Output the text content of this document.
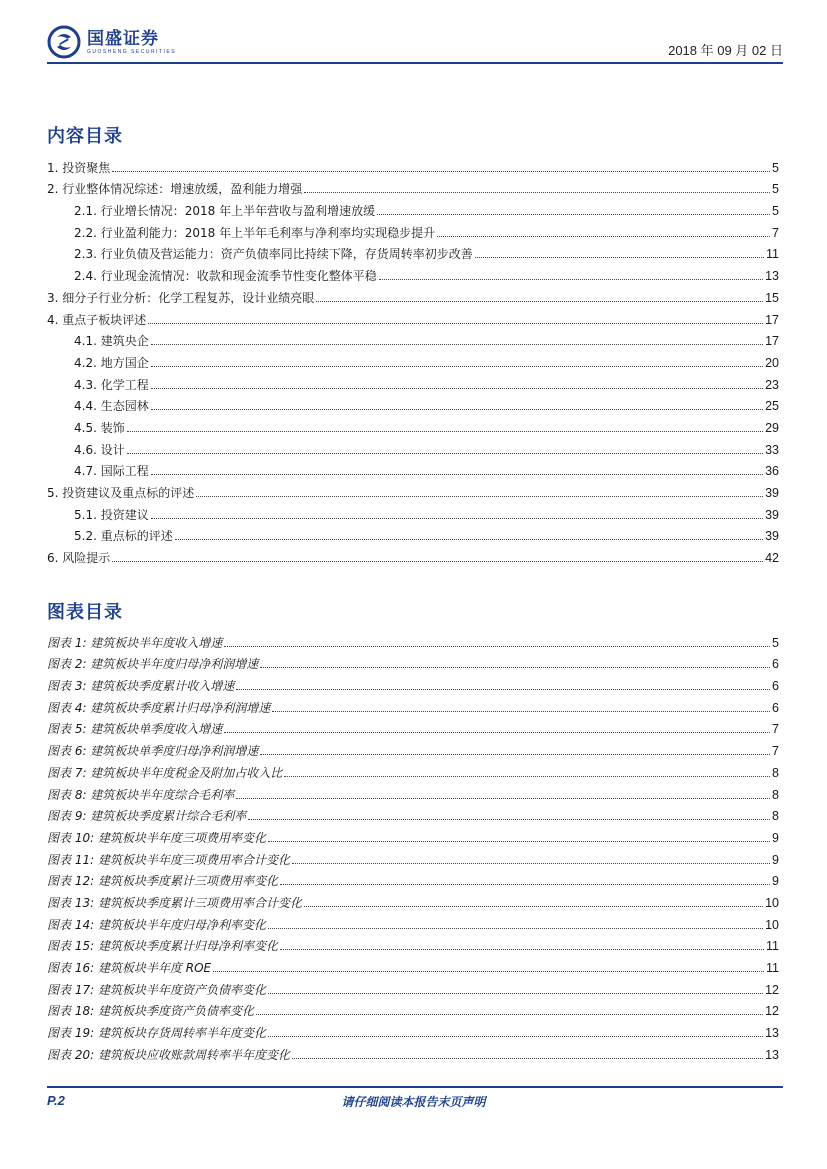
国盛证券
GUOSHENG SECURITIES	2018 年 09 月 02 日
内容目录
1. 投资聚焦	5
2. 行业整体情况综述：增速放缓，盈利能力增强	5
2.1. 行业增长情况：2018 年上半年营收与盈利增速放缓	5
2.2. 行业盈利能力：2018 年上半年毛利率与净利率均实现稳步提升	7
2.3. 行业负债及营运能力：资产负债率同比持续下降，存货周转率初步改善	11
2.4. 行业现金流情况：收款和现金流季节性变化整体平稳	13
3. 细分子行业分析：化学工程复苏，设计业绩亮眼	15
4. 重点子板块评述	17
4.1. 建筑央企	17
4.2. 地方国企	20
4.3. 化学工程	23
4.4. 生态园林	25
4.5. 装饰	29
4.6. 设计	33
4.7. 国际工程	36
5. 投资建议及重点标的评述	39
5.1. 投资建议	39
5.2. 重点标的评述	39
6. 风险提示	42
图表目录
图表 1: 建筑板块半年度收入增速	5
图表 2: 建筑板块半年度归母净利润增速	6
图表 3: 建筑板块季度累计收入增速	6
图表 4: 建筑板块季度累计归母净利润增速	6
图表 5: 建筑板块单季度收入增速	7
图表 6: 建筑板块单季度归母净利润增速	7
图表 7: 建筑板块半年度税金及附加占收入比	8
图表 8: 建筑板块半年度综合毛利率	8
图表 9: 建筑板块季度累计综合毛利率	8
图表 10: 建筑板块半年度三项费用率变化	9
图表 11: 建筑板块半年度三项费用率合计变化	9
图表 12: 建筑板块季度累计三项费用率变化	9
图表 13: 建筑板块季度累计三项费用率合计变化	10
图表 14: 建筑板块半年度归母净利率变化	10
图表 15: 建筑板块季度累计归母净利率变化	11
图表 16: 建筑板块半年度 ROE	11
图表 17: 建筑板块半年度资产负债率变化	12
图表 18: 建筑板块季度资产负债率变化	12
图表 19: 建筑板块存货周转率半年度变化	13
图表 20: 建筑板块应收账款周转率半年度变化	13
P.2	请仔细阅读本报告末页声明
